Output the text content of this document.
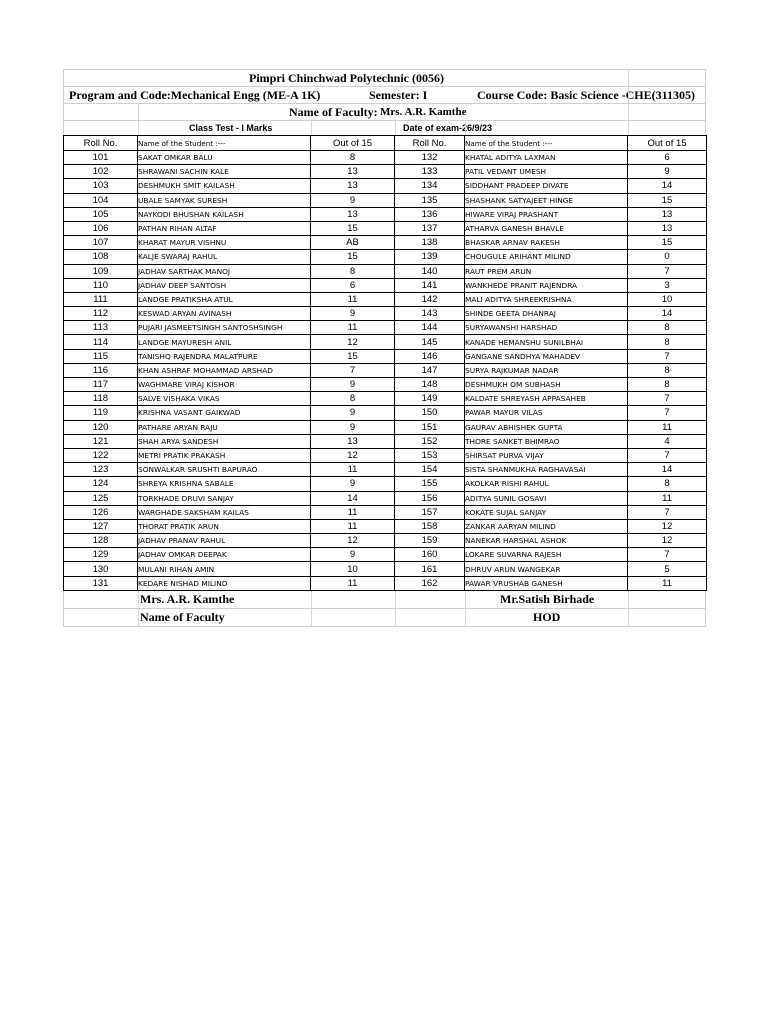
Pimpri Chinchwad Polytechnic (0056)
Program and Code:Mechanical Engg (ME-A 1K)	Semester: I	Course Code: Basic Science -CHE(311305)
Name of Faculty: Mrs. A.R. Kamthe
Class Test - I Marks	Date of exam-26/9/23
Roll No.	Name of the Student :---	Out of 15	Roll No.	Name of the Student :---	Out of 15
101	SAKAT OMKAR BALU	8	132	KHATAL ADITYA LAXMAN	6
102	SHRAWANI SACHIN KALE	13	133	PATIL VEDANT UMESH	9
103	DESHMUKH SMIT KAILASH	13	134	SIDDHANT PRADEEP DIVATE	14
104	UBALE SAMYAK SURESH	9	135	SHASHANK SATYAJEET HINGE	15
105	NAYKODI BHUSHAN KAILASH	13	136	HIWARE VIRAJ PRASHANT	13
106	PATHAN RIHAN ALTAF	15	137	ATHARVA GANESH BHAVLE	13
107	KHARAT MAYUR VISHNU	AB	138	BHASKAR ARNAV RAKESH	15
108	KALJE SWARAJ RAHUL	15	139	CHOUGULE ARIHANT MILIND	0
109	JADHAV SARTHAK MANOJ	8	140	RAUT PREM ARUN	7
110	JADHAV DEEP SANTOSH	6	141	WANKHEDE PRANIT RAJENDRA	3
111	LANDGE PRATIKSHA ATUL	11	142	MALI ADITYA SHREEKRISHNA	10
112	KESWAD ARYAN AVINASH	9	143	SHINDE GEETA DHANRAJ	14
113	PUJARI JASMEETSINGH SANTOSHSINGH	11	144	SURYAWANSHI HARSHAD	8
114	LANDGE MAYURESH ANIL	12	145	KANADE HEMANSHU SUNILBHAI	8
115	TANISHQ RAJENDRA MALATPURE	15	146	GANGANE SANDHYA MAHADEV	7
116	KHAN ASHRAF MOHAMMAD ARSHAD	7	147	SURYA RAJKUMAR NADAR	8
117	WAGHMARE VIRAJ KISHOR	9	148	DESHMUKH OM SUBHASH	8
118	SALVE VISHAKA VIKAS	8	149	KALDATE SHREYASH APPASAHEB	7
119	KRISHNA VASANT GAIKWAD	9	150	PAWAR MAYUR VILAS	7
120	PATHARE ARYAN RAJU	9	151	GAURAV ABHISHEK GUPTA	11
121	SHAH ARYA SANDESH	13	152	THORE SANKET BHIMRAO	4
122	METRI PRATIK PRAKASH	12	153	SHIRSAT PURVA VIJAY	7
123	SONWALKAR SRUSHTI BAPURAO	11	154	SISTA SHANMUKHA RAGHAVASAI	14
124	SHREYA KRISHNA SABALE	9	155	AKOLKAR RISHI RAHUL	8
125	TORKHADE DRUVI SANJAY	14	156	ADITYA SUNIL GOSAVI	11
126	WARGHADE SAKSHAM KAILAS	11	157	KOKATE SUJAL SANJAY	7
127	THORAT PRATIK ARUN	11	158	ZANKAR AARYAN MILIND	12
128	JADHAV PRANAV RAHUL	12	159	NANEKAR HARSHAL ASHOK	12
129	JADHAV OMKAR DEEPAK	9	160	LOKARE SUVARNA RAJESH	7
130	MULANI RIHAN AMIN	10	161	DHRUV ARUN WANGEKAR	5
131	KEDARE NISHAD MILIND	11	162	PAWAR VRUSHAB GANESH	11
Mrs. A.R. Kamthe	Mr.Satish Birhade
Name of Faculty	HOD
